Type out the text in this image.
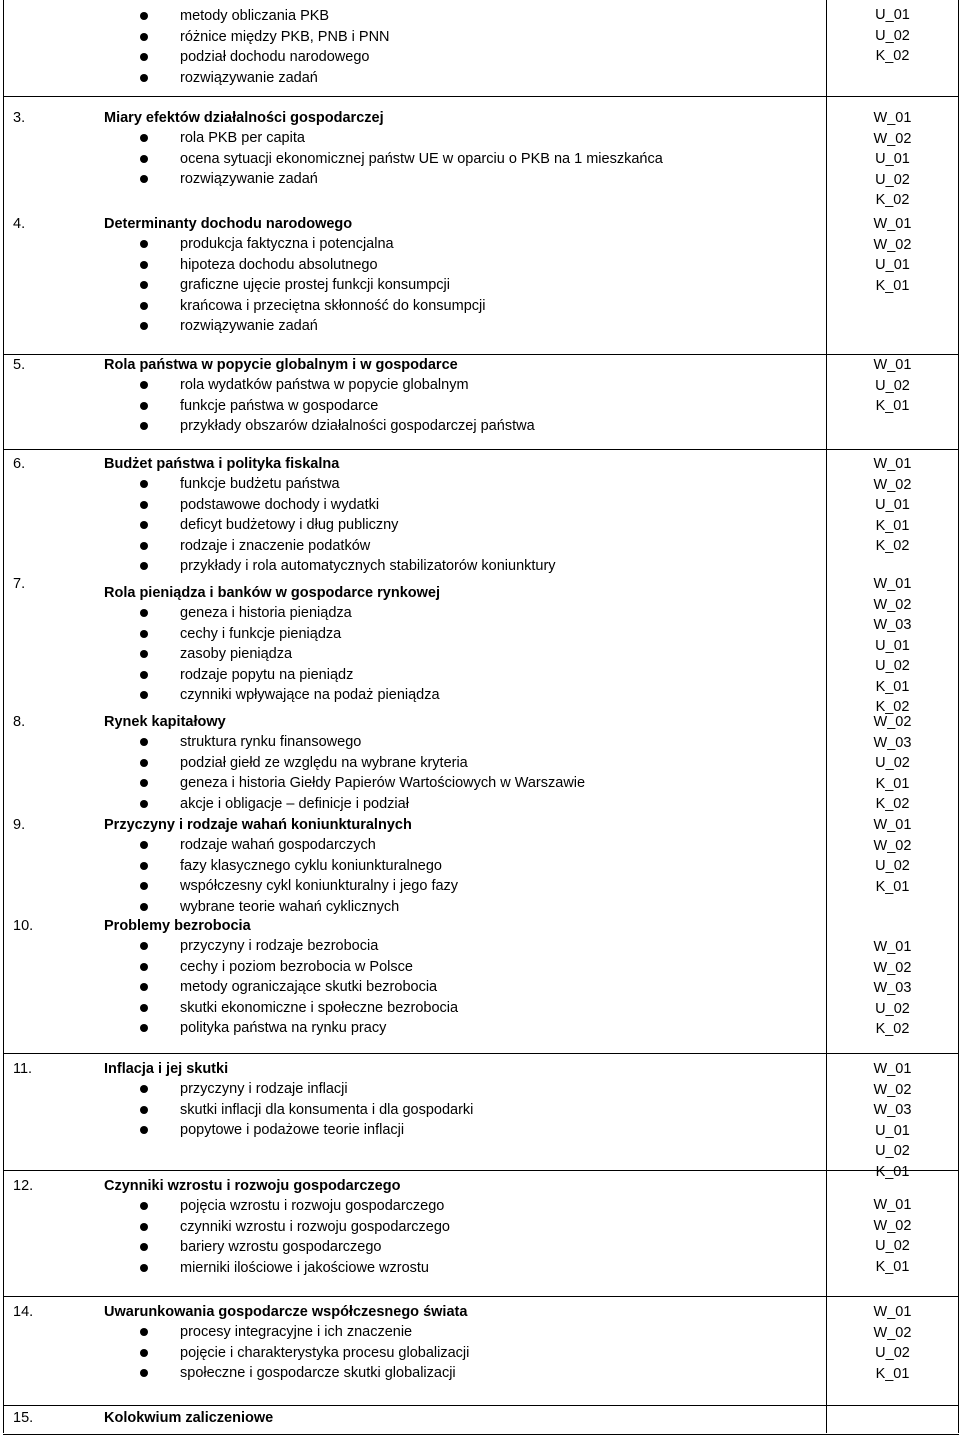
metody obliczania PKB
różnice między PKB, PNB i PNN
podział dochodu narodowego
rozwiązywanie zadań
U_01
U_02
K_02
3.	Miary efektów działalności gospodarczej
rola PKB per capita
ocena sytuacji ekonomicznej państw UE w oparciu o PKB na 1 mieszkańca
rozwiązywanie zadań
W_01
W_02
U_01
U_02
K_02
4.	Determinanty dochodu narodowego
produkcja faktyczna i potencjalna
hipoteza dochodu absolutnego
graficzne ujęcie prostej funkcji konsumpcji
krańcowa i przeciętna skłonność do konsumpcji
rozwiązywanie zadań
W_01
W_02
U_01
K_01
5.	Rola państwa w popycie globalnym i w gospodarce
rola wydatków państwa w popycie globalnym
funkcje państwa w gospodarce
przykłady obszarów działalności gospodarczej państwa
W_01
U_02
K_01
6.	Budżet państwa i polityka fiskalna
funkcje budżetu państwa
podstawowe dochody i wydatki
deficyt budżetowy i dług publiczny
rodzaje i znaczenie podatków
przykłady i rola automatycznych stabilizatorów koniunktury
W_01
W_02
U_01
K_01
K_02
7.
Rola pieniądza i banków w gospodarce rynkowej
geneza i historia pieniądza
cechy i funkcje pieniądza
zasoby pieniądza
rodzaje popytu na pieniądz
czynniki wpływające na podaż pieniądza
W_01
W_02
W_03
U_01
U_02
K_01
K_02
8.	Rynek kapitałowy
struktura rynku finansowego
podział giełd ze względu na wybrane kryteria
geneza i historia Giełdy Papierów Wartościowych w Warszawie
akcje i obligacje – definicje i podział
W_02
W_03
U_02
K_01
K_02
9.	Przyczyny i rodzaje wahań koniunkturalnych
rodzaje wahań gospodarczych
fazy klasycznego cyklu koniunkturalnego
współczesny cykl koniunkturalny i jego fazy
wybrane teorie wahań cyklicznych
W_01
W_02
U_02
K_01
10.	Problemy bezrobocia
przyczyny i rodzaje bezrobocia
cechy i poziom bezrobocia w Polsce
metody ograniczające skutki bezrobocia
skutki ekonomiczne i społeczne bezrobocia
polityka państwa na rynku pracy
W_01
W_02
W_03
U_02
K_02
11.	Inflacja i jej skutki
przyczyny i rodzaje inflacji
skutki inflacji dla konsumenta i dla gospodarki
popytowe i podażowe teorie inflacji
W_01
W_02
W_03
U_01
U_02
K_01
12.	Czynniki wzrostu i rozwoju gospodarczego
pojęcia wzrostu i rozwoju gospodarczego
czynniki wzrostu i rozwoju gospodarczego
bariery wzrostu gospodarczego
mierniki ilościowe i jakościowe wzrostu
W_01
W_02
U_02
K_01
14.	Uwarunkowania gospodarcze współczesnego świata
procesy integracyjne i ich znaczenie
pojęcie i charakterystyka procesu globalizacji
społeczne i gospodarcze skutki globalizacji
W_01
W_02
U_02
K_01
15.	Kolokwium zaliczeniowe
